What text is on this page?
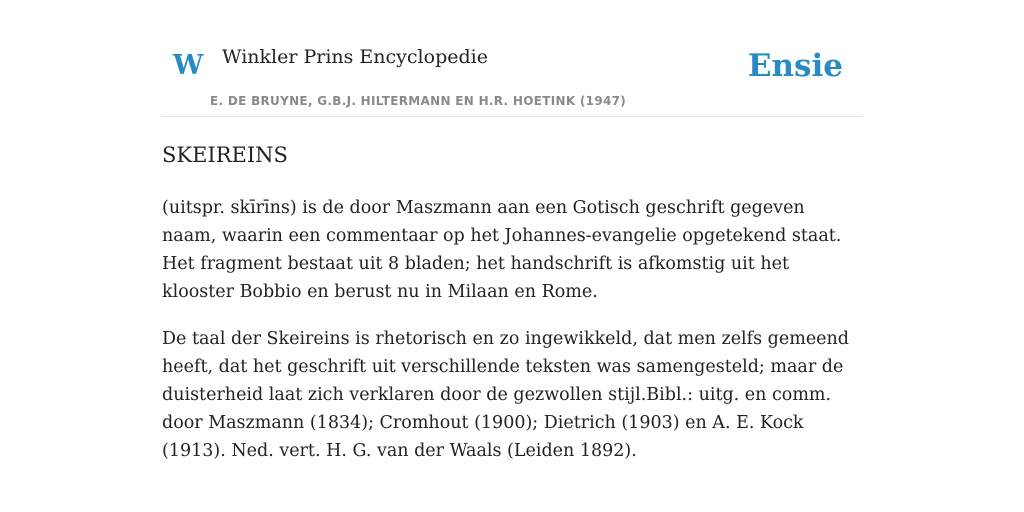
W Winkler Prins Encyclopedie
E. DE BRUYNE, G.B.J. HILTERMANN EN H.R. HOETINK (1947)
Ensie
SKEIREINS

(uitspr. skīrīns) is de door Maszmann aan een Gotisch geschrift gegeven naam, waarin een commentaar op het Johannes-evangelie opgetekend staat. Het fragment bestaat uit 8 bladen; het handschrift is afkomstig uit het klooster Bobbio en berust nu in Milaan en Rome.

De taal der Skeireins is rhetorisch en zo ingewikkeld, dat men zelfs gemeend heeft, dat het geschrift uit verschillende teksten was samengesteld; maar de duisterheid laat zich verklaren door de gezwollen stijl.Bibl.: uitg. en comm. door Maszmann (1834); Cromhout (1900); Dietrich (1903) en A. E. Kock (1913). Ned. vert. H. G. van der Waals (Leiden 1892).
